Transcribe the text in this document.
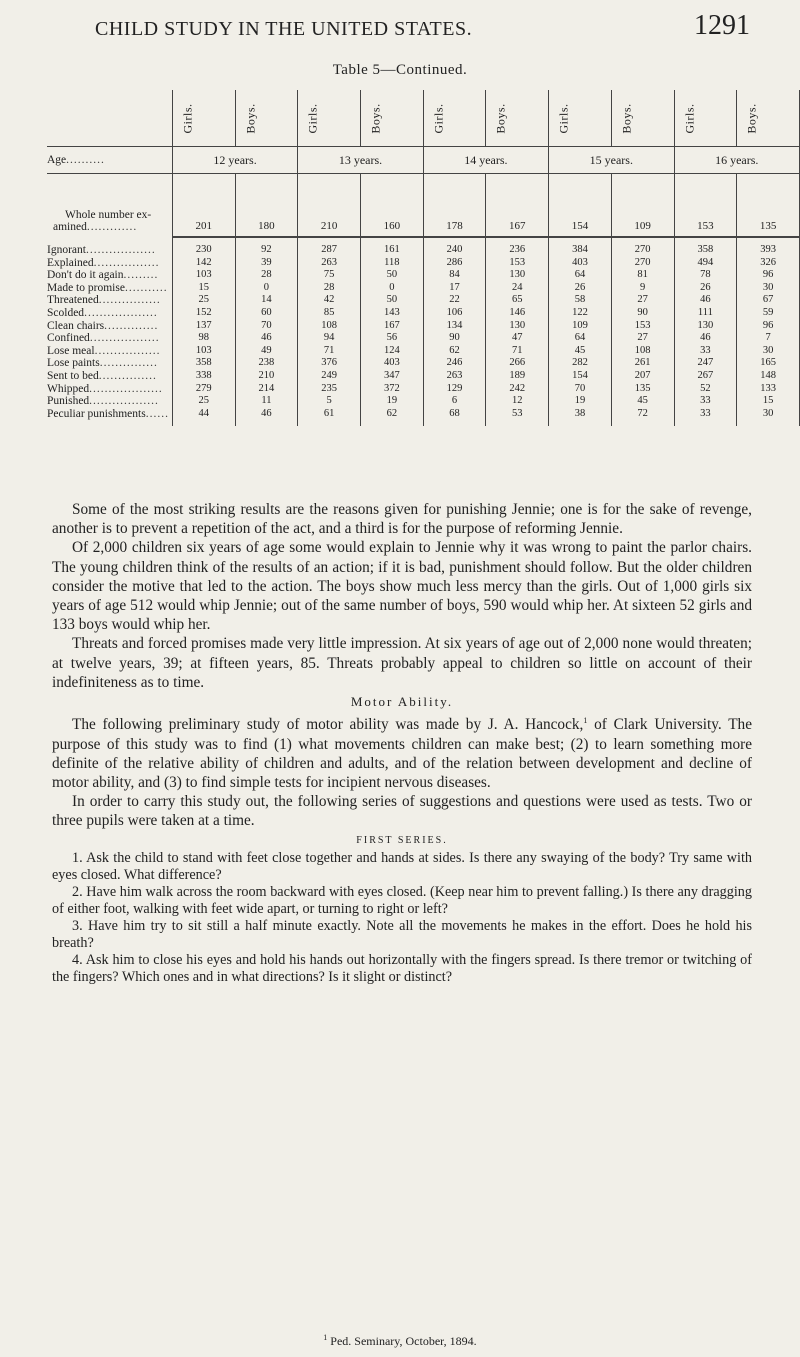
CHILD STUDY IN THE UNITED STATES.	1291
Table 5—Continued.
	Girls.	Boys.	Girls.	Boys.	Girls.	Boys.	Girls.	Boys.	Girls.	Boys.
Age..........	12 years.		13 years.		14 years.		15 years.		16 years.	

Whole number ex-
amined.............	201	180	210	160	178	167	154	109	153	135

Ignorant..................	230	92	287	161	240	236	384	270	358	393
Explained.................	142	39	263	118	286	153	403	270	494	326
Don't do it again.........	103	28	75	50	84	130	64	81	78	96
Made to promise...........	15	0	28	0	17	24	26	9	26	30
Threatened................	25	14	42	50	22	65	58	27	46	67
Scolded...................	152	60	85	143	106	146	122	90	111	59
Clean chairs..............	137	70	108	167	134	130	109	153	130	96
Confined..................	98	46	94	56	90	47	64	27	46	7
Lose meal.................	103	49	71	124	62	71	45	108	33	30
Lose paints...............	358	238	376	403	246	266	282	261	247	165
Sent to bed...............	338	210	249	347	263	189	154	207	267	148
Whipped...................	279	214	235	372	129	242	70	135	52	133
Punished..................	25	11	5	19	6	12	19	45	33	15
Peculiar punishments......	44	46	61	62	68	53	38	72	33	30

Some of the most striking results are the reasons given for punishing Jennie; one is for the sake of revenge, another is to prevent a repetition of the act, and a third is for the purpose of reforming Jennie.

Of 2,000 children six years of age some would explain to Jennie why it was wrong to paint the parlor chairs. The young children think of the results of an action; if it is bad, punishment should follow. But the older children consider the motive that led to the action. The boys show much less mercy than the girls. Out of 1,000 girls six years of age 512 would whip Jennie; out of the same number of boys, 590 would whip her. At sixteen 52 girls and 133 boys would whip her.

Threats and forced promises made very little impression. At six years of age out of 2,000 none would threaten; at twelve years, 39; at fifteen years, 85. Threats probably appeal to children so little on account of their indefiniteness as to time.

Motor Ability.

The following preliminary study of motor ability was made by J. A. Hancock,$^1$ of Clark University. The purpose of this study was to find (1) what movements children can make best; (2) to learn something more definite of the relative ability of children and adults, and of the relation between development and decline of motor ability, and (3) to find simple tests for incipient nervous diseases.

In order to carry this study out, the following series of suggestions and questions were used as tests. Two or three pupils were taken at a time.

FIRST SERIES.

1. Ask the child to stand with feet close together and hands at sides. Is there any swaying of the body? Try same with eyes closed. What difference?

2. Have him walk across the room backward with eyes closed. (Keep near him to prevent falling.) Is there any dragging of either foot, walking with feet wide apart, or turning to right or left?

3. Have him try to sit still a half minute exactly. Note all the movements he makes in the effort. Does he hold his breath?

4. Ask him to close his eyes and hold his hands out horizontally with the fingers spread. Is there tremor or twitching of the fingers? Which ones and in what directions? Is it slight or distinct?

$^1$ Ped. Seminary, October, 1894.
